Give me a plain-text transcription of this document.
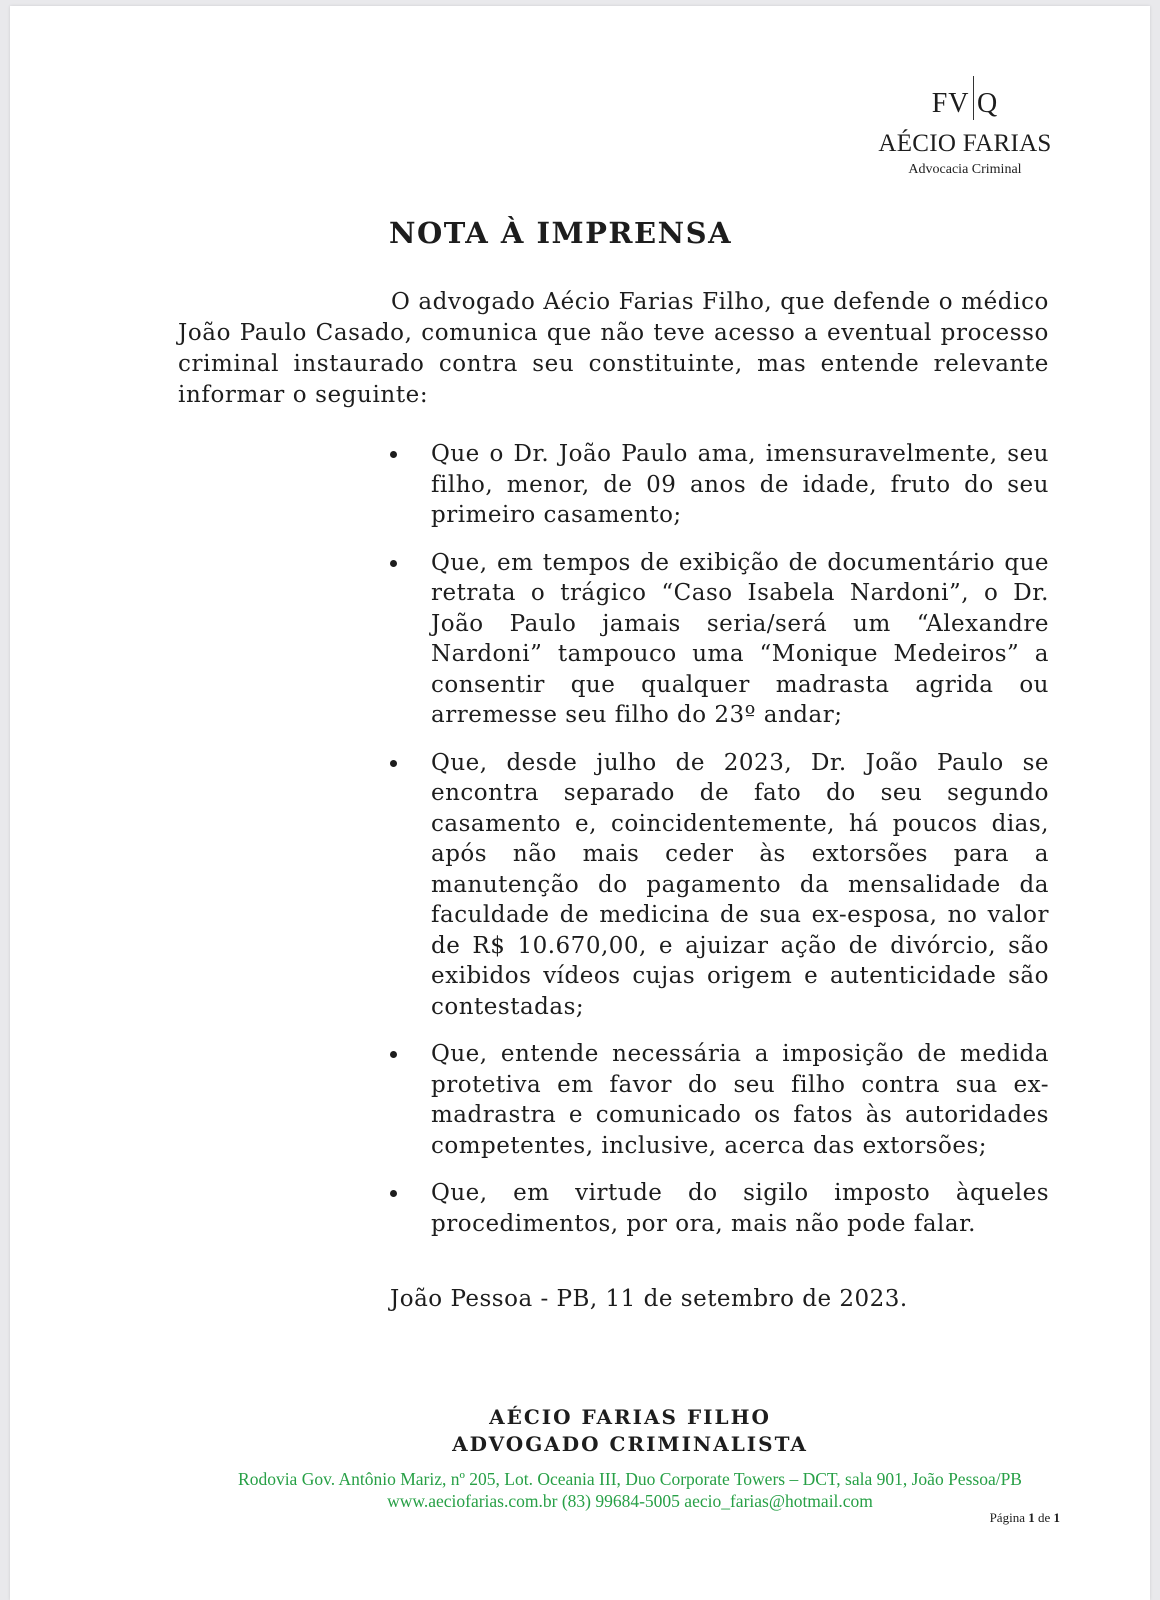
FV Q
AÉCIO FARIAS
Advocacia Criminal
NOTA À IMPRENSA

O advogado Aécio Farias Filho, que defende o médico João Paulo Casado, comunica que não teve acesso a eventual processo criminal instaurado contra seu constituinte, mas entende relevante informar o seguinte:

Que o Dr. João Paulo ama, imensuravelmente, seu filho, menor, de 09 anos de idade, fruto do seu primeiro casamento;
Que, em tempos de exibição de documentário que retrata o trágico “Caso Isabela Nardoni”, o Dr. João Paulo jamais seria/será um “Alexandre Nardoni” tampouco uma “Monique Medeiros” a consentir que qualquer madrasta agrida ou arremesse seu filho do 23º andar;
Que, desde julho de 2023, Dr. João Paulo se encontra separado de fato do seu segundo casamento e, coincidentemente, há poucos dias, após não mais ceder às extorsões para a manutenção do pagamento da mensalidade da faculdade de medicina de sua ex-esposa, no valor de R$ 10.670,00, e ajuizar ação de divórcio, são exibidos vídeos cujas origem e autenticidade são contestadas;
Que, entende necessária a imposição de medida protetiva em favor do seu filho contra sua ex-madrastra e comunicado os fatos às autoridades competentes, inclusive, acerca das extorsões;
Que, em virtude do sigilo imposto àqueles procedimentos, por ora, mais não pode falar.
João Pessoa - PB, 11 de setembro de 2023.
AÉCIO FARIAS FILHO
ADVOGADO CRIMINALISTA
Rodovia Gov. Antônio Mariz, nº 205, Lot. Oceania III, Duo Corporate Towers – DCT, sala 901, João Pessoa/PB
www.aeciofarias.com.br (83) 99684-5005 aecio_farias@hotmail.com
Página 1 de 1
